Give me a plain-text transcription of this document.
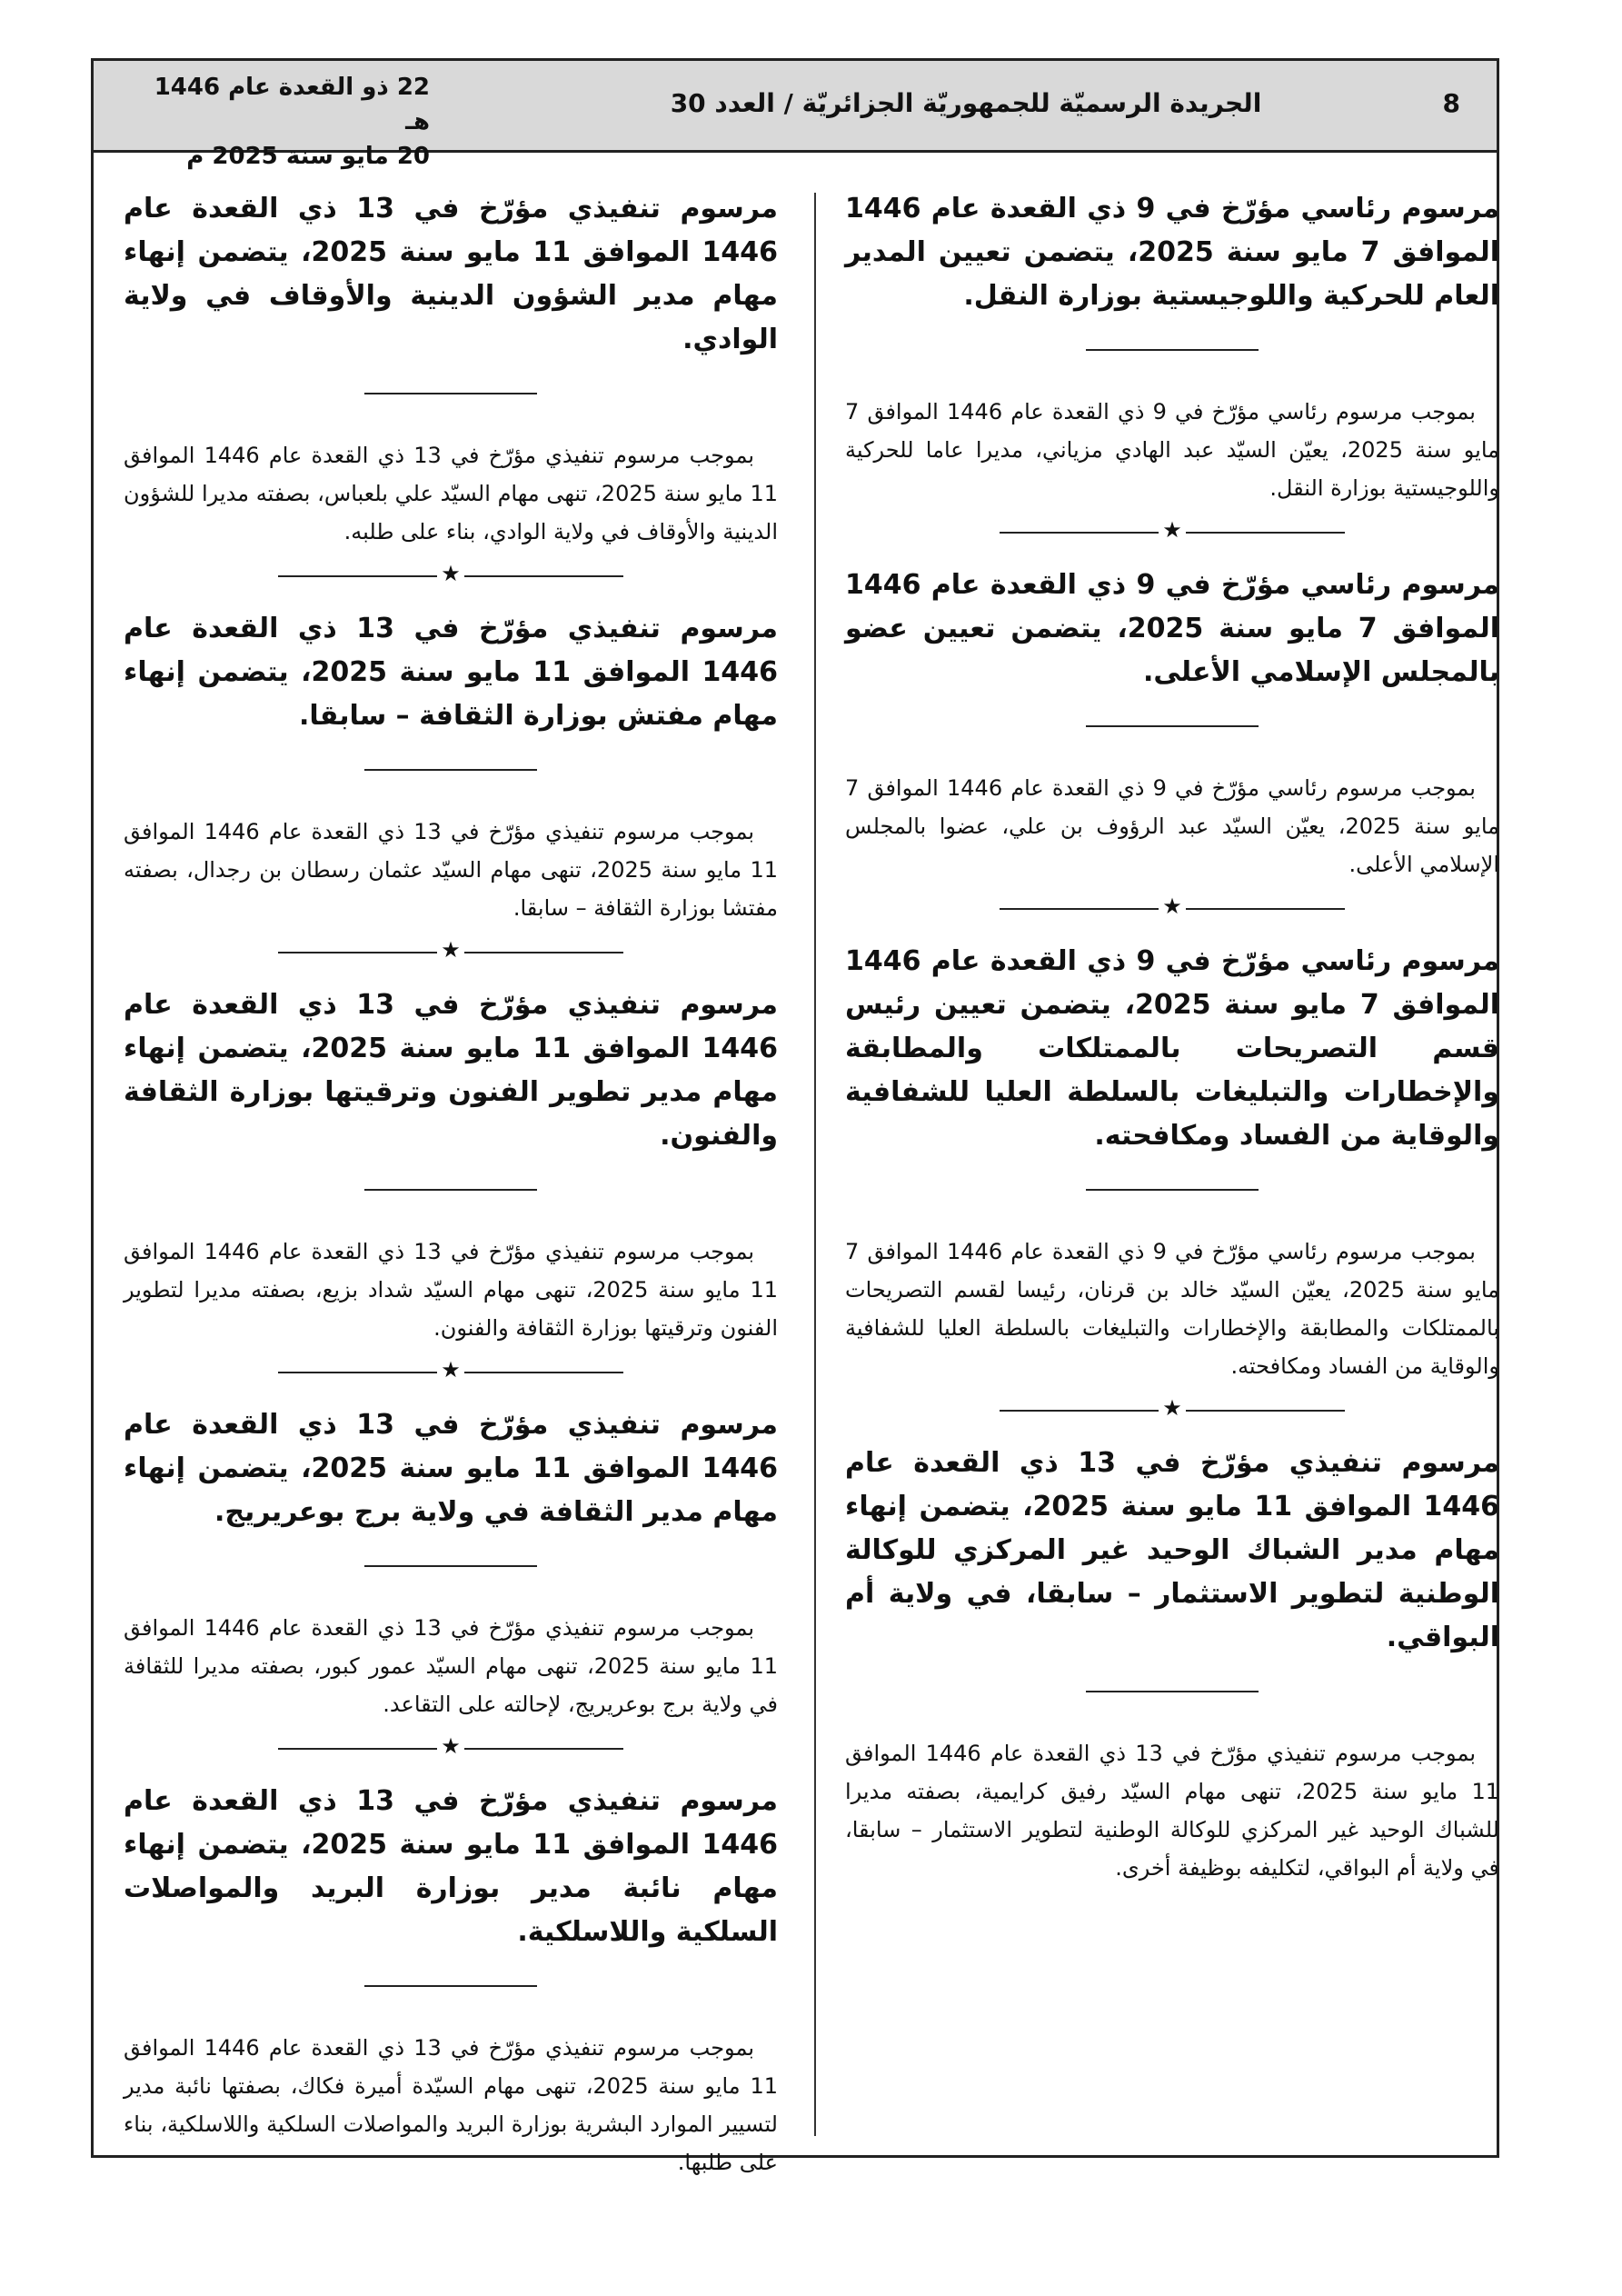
22 ذو القعدة عام 1446 هـ
20 مايو سنة 2025 م
الجريدة الرسميّة للجمهوريّة الجزائريّة / العدد 30	8

مرسوم رئاسي مؤرّخ في 9 ذي القعدة عام 1446 الموافق 7 مايو سنة 2025، يتضمن تعيين المدير العام للحركية واللوجيستية بوزارة النقل.

بموجب مرسوم رئاسي مؤرّخ في 9 ذي القعدة عام 1446 الموافق 7 مايو سنة 2025، يعيّن السيّد عبد الهادي مزياني، مديرا عاما للحركية واللوجيستية بوزارة النقل.

★

مرسوم رئاسي مؤرّخ في 9 ذي القعدة عام 1446 الموافق 7 مايو سنة 2025، يتضمن تعيين عضو بالمجلس الإسلامي الأعلى.

بموجب مرسوم رئاسي مؤرّخ في 9 ذي القعدة عام 1446 الموافق 7 مايو سنة 2025، يعيّن السيّد عبد الرؤوف بن علي، عضوا بالمجلس الإسلامي الأعلى.

★

مرسوم رئاسي مؤرّخ في 9 ذي القعدة عام 1446 الموافق 7 مايو سنة 2025، يتضمن تعيين رئيس قسم التصريحات بالممتلكات والمطابقة والإخطارات والتبليغات بالسلطة العليا للشفافية والوقاية من الفساد ومكافحته.

بموجب مرسوم رئاسي مؤرّخ في 9 ذي القعدة عام 1446 الموافق 7 مايو سنة 2025، يعيّن السيّد خالد بن قرنان، رئيسا لقسم التصريحات بالممتلكات والمطابقة والإخطارات والتبليغات بالسلطة العليا للشفافية والوقاية من الفساد ومكافحته.

★

مرسوم تنفيذي مؤرّخ في 13 ذي القعدة عام 1446 الموافق 11 مايو سنة 2025، يتضمن إنهاء مهام مدير الشباك الوحيد غير المركزي للوكالة الوطنية لتطوير الاستثمار – سابقا، في ولاية أم البواقي.

بموجب مرسوم تنفيذي مؤرّخ في 13 ذي القعدة عام 1446 الموافق 11 مايو سنة 2025، تنهى مهام السيّد رفيق كرايمية، بصفته مديرا للشباك الوحيد غير المركزي للوكالة الوطنية لتطوير الاستثمار – سابقا، في ولاية أم البواقي، لتكليفه بوظيفة أخرى.

مرسوم تنفيذي مؤرّخ في 13 ذي القعدة عام 1446 الموافق 11 مايو سنة 2025، يتضمن إنهاء مهام مدير الشؤون الدينية والأوقاف في ولاية الوادي.

بموجب مرسوم تنفيذي مؤرّخ في 13 ذي القعدة عام 1446 الموافق 11 مايو سنة 2025، تنهى مهام السيّد علي بلعباس، بصفته مديرا للشؤون الدينية والأوقاف في ولاية الوادي، بناء على طلبه.

★

مرسوم تنفيذي مؤرّخ في 13 ذي القعدة عام 1446 الموافق 11 مايو سنة 2025، يتضمن إنهاء مهام مفتش بوزارة الثقافة – سابقا.

بموجب مرسوم تنفيذي مؤرّخ في 13 ذي القعدة عام 1446 الموافق 11 مايو سنة 2025، تنهى مهام السيّد عثمان رسطان بن رجدال، بصفته مفتشا بوزارة الثقافة – سابقا.

★

مرسوم تنفيذي مؤرّخ في 13 ذي القعدة عام 1446 الموافق 11 مايو سنة 2025، يتضمن إنهاء مهام مدير تطوير الفنون وترقيتها بوزارة الثقافة والفنون.

بموجب مرسوم تنفيذي مؤرّخ في 13 ذي القعدة عام 1446 الموافق 11 مايو سنة 2025، تنهى مهام السيّد شداد بزيع، بصفته مديرا لتطوير الفنون وترقيتها بوزارة الثقافة والفنون.

★

مرسوم تنفيذي مؤرّخ في 13 ذي القعدة عام 1446 الموافق 11 مايو سنة 2025، يتضمن إنهاء مهام مدير الثقافة في ولاية برج بوعريريج.

بموجب مرسوم تنفيذي مؤرّخ في 13 ذي القعدة عام 1446 الموافق 11 مايو سنة 2025، تنهى مهام السيّد عمور كبور، بصفته مديرا للثقافة في ولاية برج بوعريريج، لإحالته على التقاعد.

★

مرسوم تنفيذي مؤرّخ في 13 ذي القعدة عام 1446 الموافق 11 مايو سنة 2025، يتضمن إنهاء مهام نائبة مدير بوزارة البريد والمواصلات السلكية واللاسلكية.

بموجب مرسوم تنفيذي مؤرّخ في 13 ذي القعدة عام 1446 الموافق 11 مايو سنة 2025، تنهى مهام السيّدة أميرة فكاك، بصفتها نائبة مدير لتسيير الموارد البشرية بوزارة البريد والمواصلات السلكية واللاسلكية، بناء على طلبها.
